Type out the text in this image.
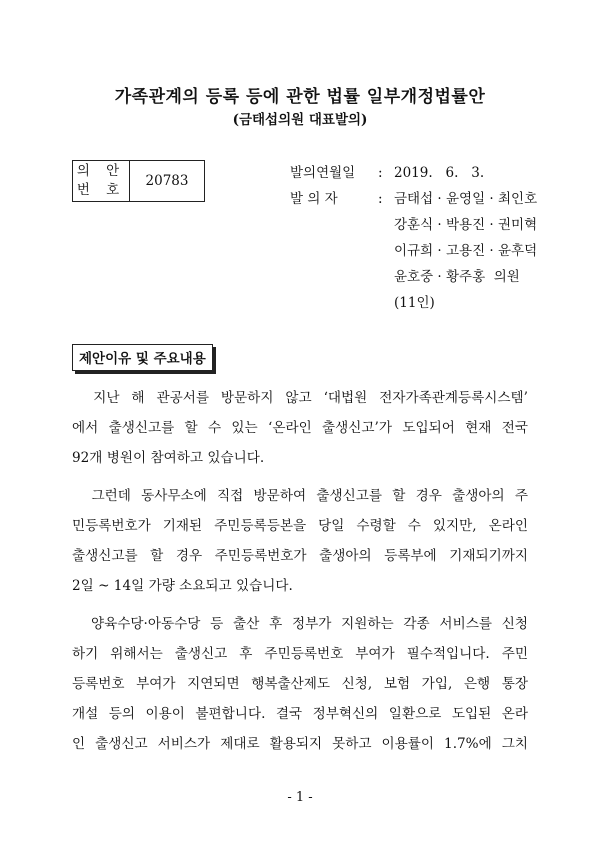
가족관계의 등록 등에 관한 법률 일부개정법률안
(금태섭의원 대표발의)
의 안
번 호
	20783	발의연월일	: 2019.   6.   3.
발 의 자	: 금태섭 · 윤영일 · 최인호
강훈식 · 박용진 · 권미혁
이규희 · 고용진 · 윤후덕
윤호중 · 황주홍  의원
(11인)
제안이유 및 주요내용
　지난 해 관공서를 방문하지 않고 ‘대법원 전자가족관계등록시스템’
에서 출생신고를 할 수 있는 ‘온라인 출생신고’가 도입되어 현재 전국
92개 병원이 참여하고 있습니다.
　그런데 동사무소에 직접 방문하여 출생신고를 할 경우 출생아의 주
민등록번호가 기재된 주민등록등본을 당일 수령할 수 있지만, 온라인
출생신고를 할 경우 주민등록번호가 출생아의 등록부에 기재되기까지
2일 ~ 14일 가량 소요되고 있습니다.
　양육수당·아동수당 등 출산 후 정부가 지원하는 각종 서비스를 신청
하기 위해서는 출생신고 후 주민등록번호 부여가 필수적입니다. 주민
등록번호 부여가 지연되면 행복출산제도 신청, 보험 가입, 은행 통장
개설 등의 이용이 불편합니다. 결국 정부혁신의 일환으로 도입된 온라
인 출생신고 서비스가 제대로 활용되지 못하고 이용률이 1.7%에 그치
- 1 -
